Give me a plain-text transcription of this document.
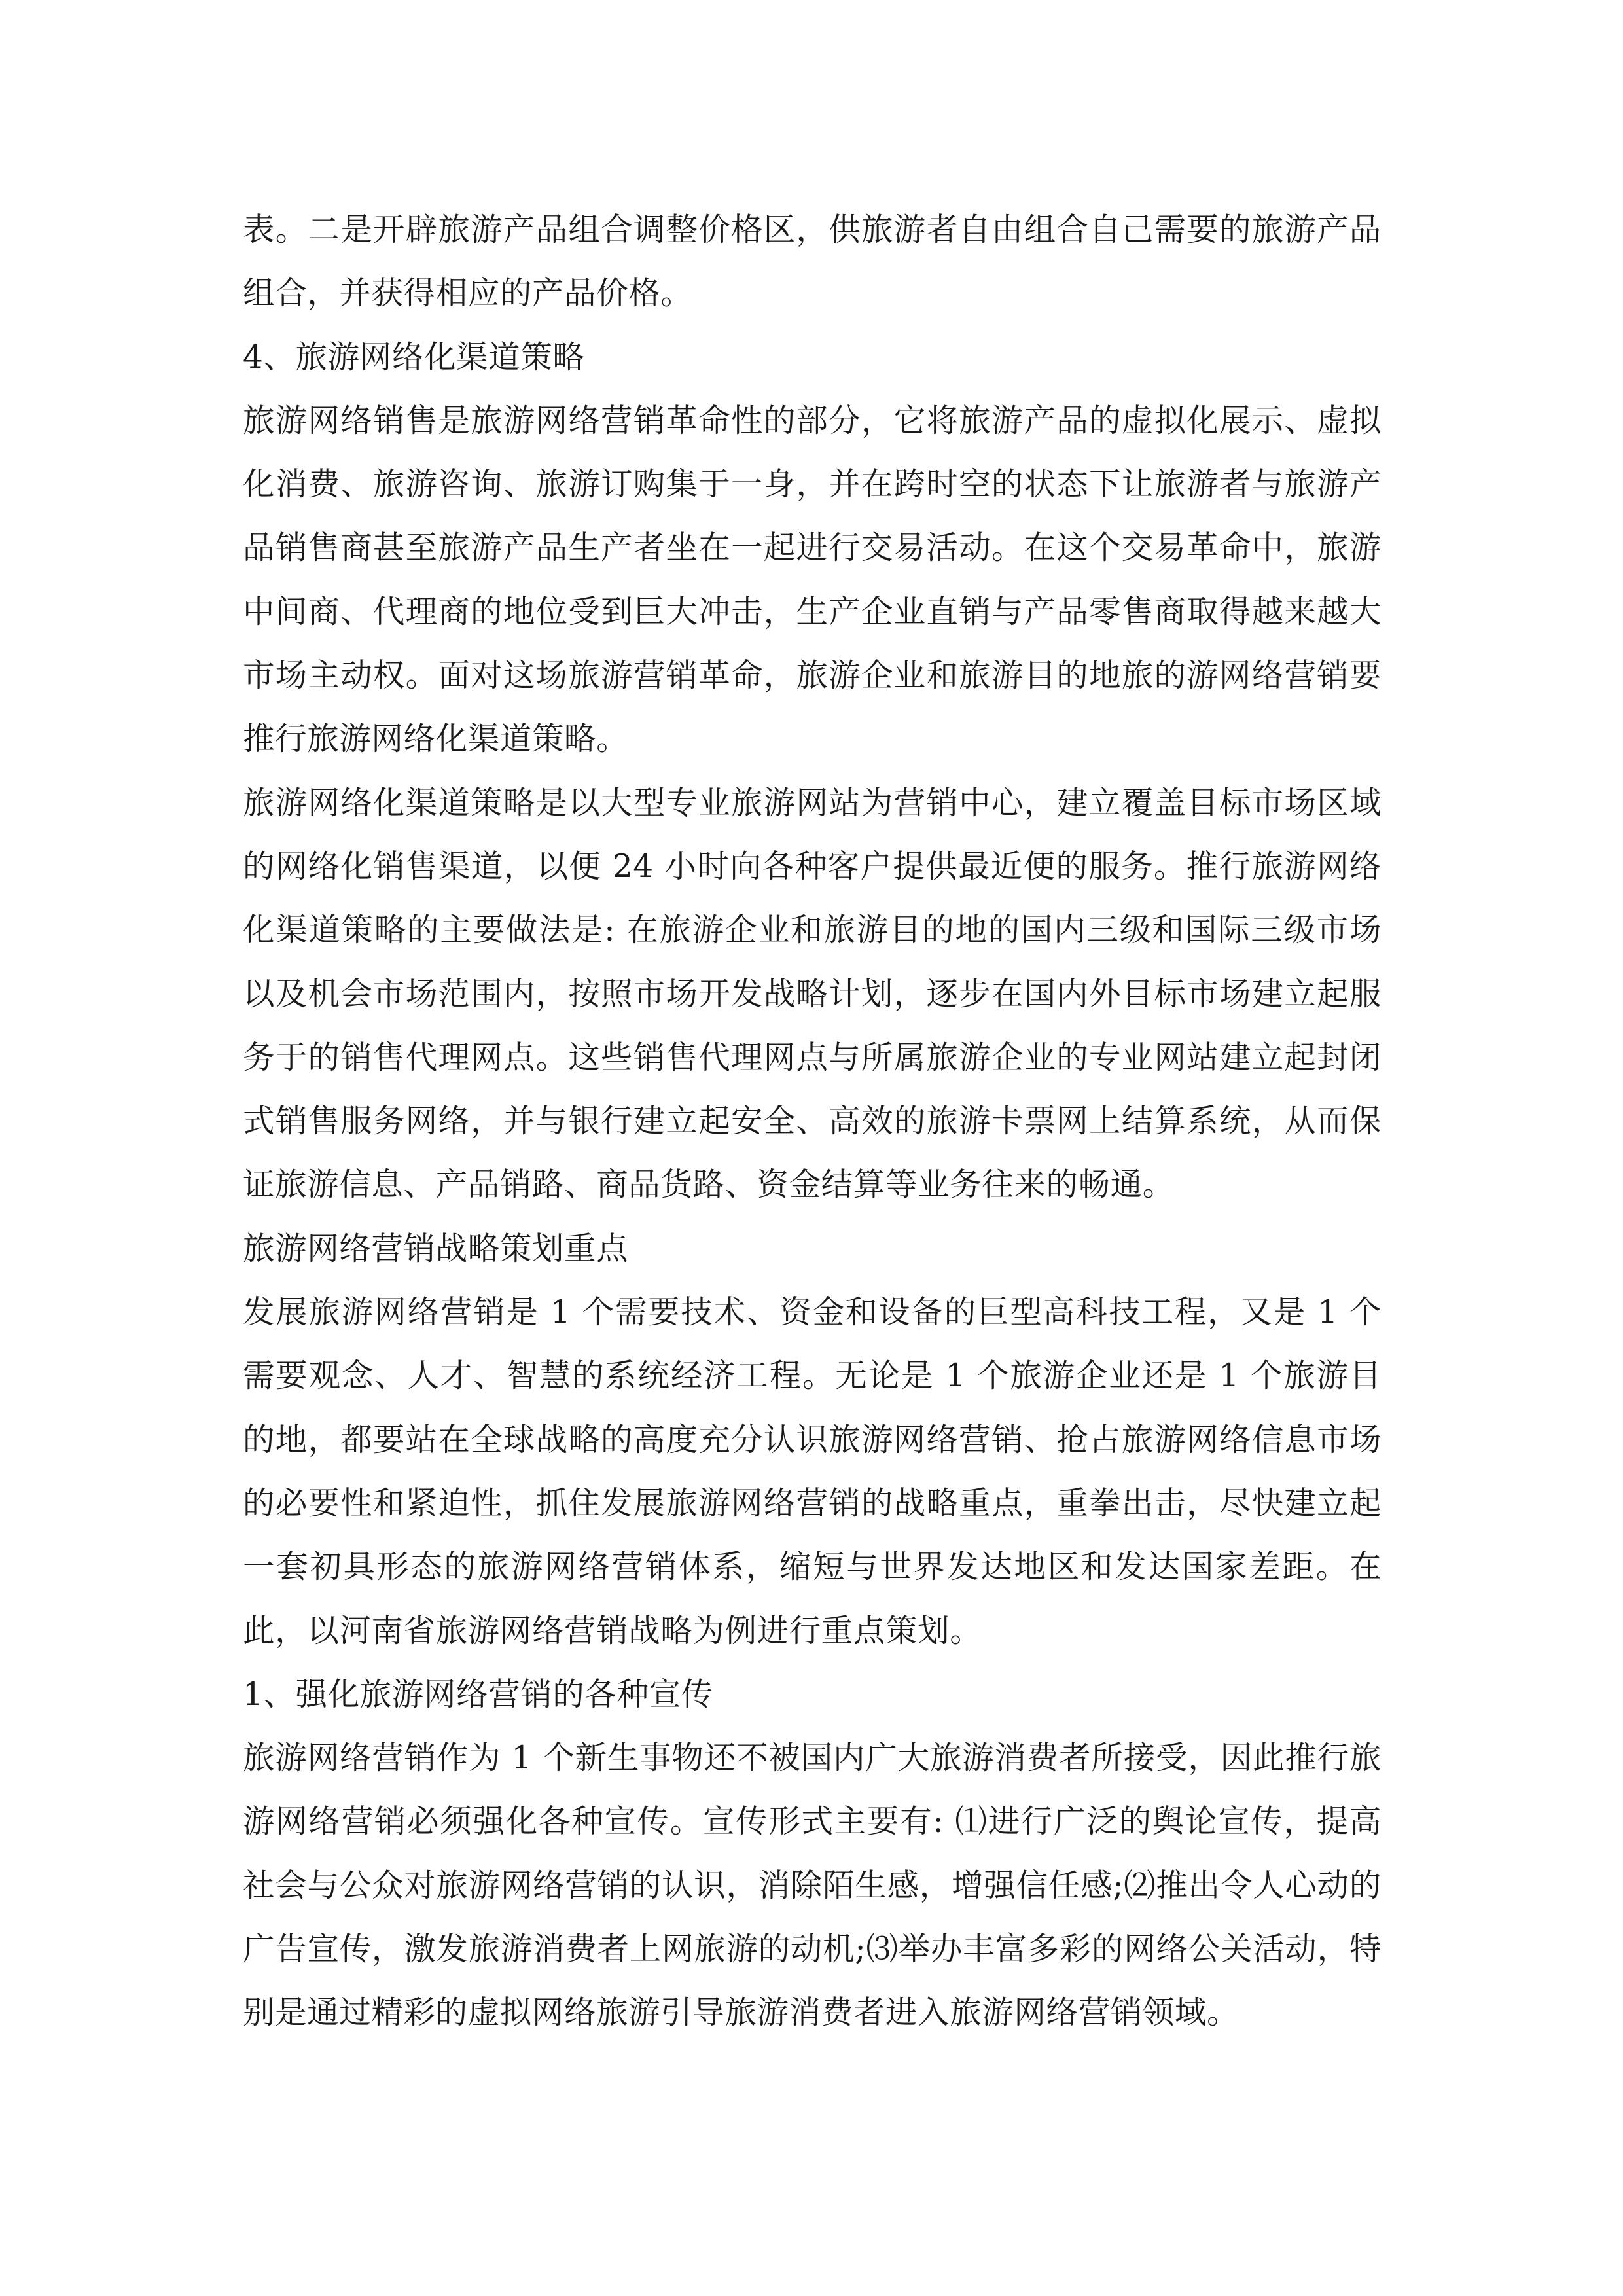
表。二是开辟旅游产品组合调整价格区，供旅游者自由组合自己需要的旅游产品组合，并获得相应的产品价格。

4、旅游网络化渠道策略

旅游网络销售是旅游网络营销革命性的部分，它将旅游产品的虚拟化展示、虚拟化消费、旅游咨询、旅游订购集于一身，并在跨时空的状态下让旅游者与旅游产品销售商甚至旅游产品生产者坐在一起进行交易活动。在这个交易革命中，旅游中间商、代理商的地位受到巨大冲击，生产企业直销与产品零售商取得越来越大市场主动权。面对这场旅游营销革命，旅游企业和旅游目的地旅的游网络营销要推行旅游网络化渠道策略。

旅游网络化渠道策略是以大型专业旅游网站为营销中心，建立覆盖目标市场区域的网络化销售渠道，以便 24 小时向各种客户提供最近便的服务。推行旅游网络化渠道策略的主要做法是: 在旅游企业和旅游目的地的国内三级和国际三级市场以及机会市场范围内，按照市场开发战略计划，逐步在国内外目标市场建立起服务于的销售代理网点。这些销售代理网点与所属旅游企业的专业网站建立起封闭式销售服务网络，并与银行建立起安全、高效的旅游卡票网上结算系统，从而保证旅游信息、产品销路、商品货路、资金结算等业务往来的畅通。

旅游网络营销战略策划重点

发展旅游网络营销是 1 个需要技术、资金和设备的巨型高科技工程，又是 1 个需要观念、人才、智慧的系统经济工程。无论是 1 个旅游企业还是 1 个旅游目的地，都要站在全球战略的高度充分认识旅游网络营销、抢占旅游网络信息市场的必要性和紧迫性，抓住发展旅游网络营销的战略重点，重拳出击，尽快建立起一套初具形态的旅游网络营销体系，缩短与世界发达地区和发达国家差距。在此，以河南省旅游网络营销战略为例进行重点策划。

1、强化旅游网络营销的各种宣传

旅游网络营销作为 1 个新生事物还不被国内广大旅游消费者所接受，因此推行旅游网络营销必须强化各种宣传。宣传形式主要有: ⑴进行广泛的舆论宣传，提高社会与公众对旅游网络营销的认识，消除陌生感，增强信任感;⑵推出令人心动的广告宣传，激发旅游消费者上网旅游的动机;⑶举办丰富多彩的网络公关活动，特别是通过精彩的虚拟网络旅游引导旅游消费者进入旅游网络营销领域。
